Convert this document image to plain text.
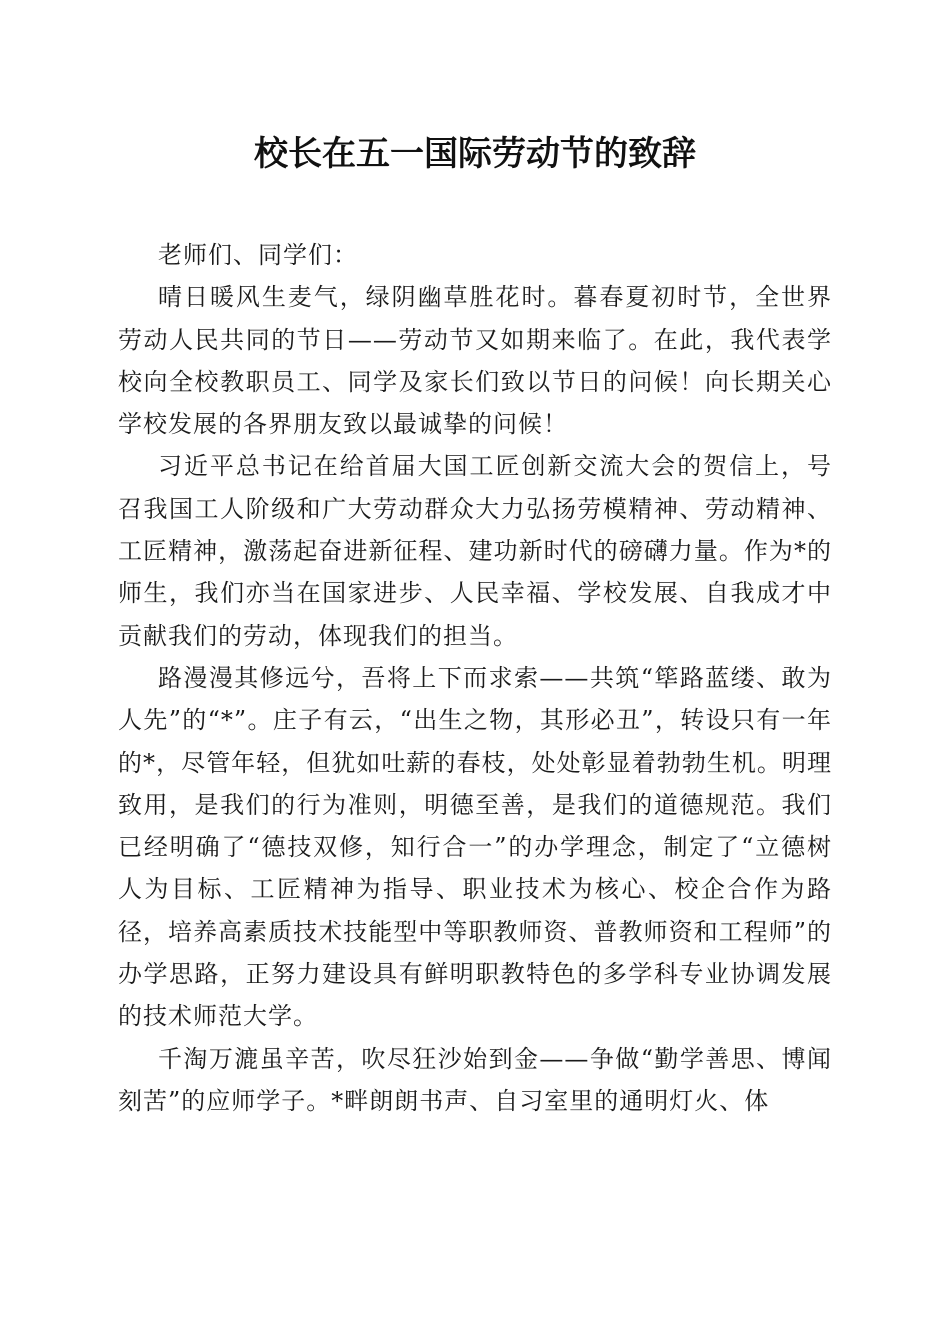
校长在五一国际劳动节的致辞

老师们、同学们：

晴日暖风生麦气，绿阴幽草胜花时。暮春夏初时节，全世界劳动人民共同的节日——劳动节又如期来临了。在此，我代表学校向全校教职员工、同学及家长们致以节日的问候！向长期关心学校发展的各界朋友致以最诚挚的问候！

习近平总书记在给首届大国工匠创新交流大会的贺信上，号召我国工人阶级和广大劳动群众大力弘扬劳模精神、劳动精神、工匠精神，激荡起奋进新征程、建功新时代的磅礴力量。作为*的师生，我们亦当在国家进步、人民幸福、学校发展、自我成才中贡献我们的劳动，体现我们的担当。

路漫漫其修远兮，吾将上下而求索——共筑“筚路蓝缕、敢为人先”的“*”。庄子有云，“出生之物，其形必丑”，转设只有一年的*，尽管年轻，但犹如吐薪的春枝，处处彰显着勃勃生机。明理致用，是我们的行为准则，明德至善，是我们的道德规范。我们已经明确了“德技双修，知行合一”的办学理念，制定了“立德树人为目标、工匠精神为指导、职业技术为核心、校企合作为路径，培养高素质技术技能型中等职教师资、普教师资和工程师”的办学思路，正努力建设具有鲜明职教特色的多学科专业协调发展的技术师范大学。

千淘万漉虽辛苦，吹尽狂沙始到金——争做“勤学善思、博闻刻苦”的应师学子。*畔朗朗书声、自习室里的通明灯火、体
